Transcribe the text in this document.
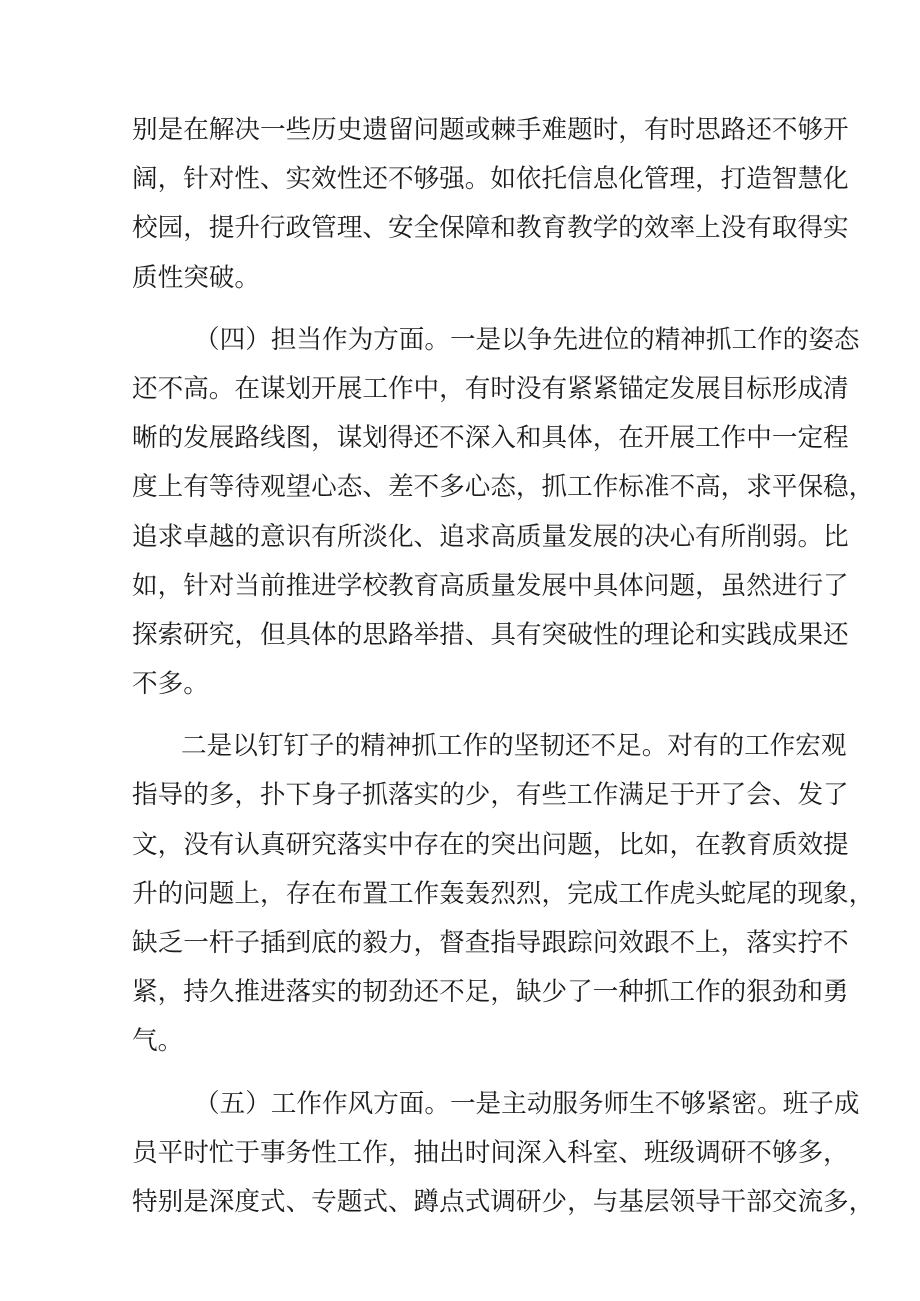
别是在解决一些历史遗留问题或棘手难题时，有时思路还不够开
阔，针对性、实效性还不够强。如依托信息化管理，打造智慧化
校园，提升行政管理、安全保障和教育教学的效率上没有取得实
质性突破。

（四）担当作为方面。一是以争先进位的精神抓工作的姿态
还不高。在谋划开展工作中，有时没有紧紧锚定发展目标形成清
晰的发展路线图，谋划得还不深入和具体，在开展工作中一定程
度上有等待观望心态、差不多心态，抓工作标准不高，求平保稳，
追求卓越的意识有所淡化、追求高质量发展的决心有所削弱。比
如，针对当前推进学校教育高质量发展中具体问题，虽然进行了
探索研究，但具体的思路举措、具有突破性的理论和实践成果还
不多。

二是以钉钉子的精神抓工作的坚韧还不足。对有的工作宏观
指导的多，扑下身子抓落实的少，有些工作满足于开了会、发了
文，没有认真研究落实中存在的突出问题，比如，在教育质效提
升的问题上，存在布置工作轰轰烈烈，完成工作虎头蛇尾的现象，
缺乏一杆子插到底的毅力，督查指导跟踪问效跟不上，落实拧不
紧，持久推进落实的韧劲还不足，缺少了一种抓工作的狠劲和勇
气。

（五）工作作风方面。一是主动服务师生不够紧密。班子成
员平时忙于事务性工作，抽出时间深入科室、班级调研不够多，
特别是深度式、专题式、蹲点式调研少，与基层领导干部交流多，
